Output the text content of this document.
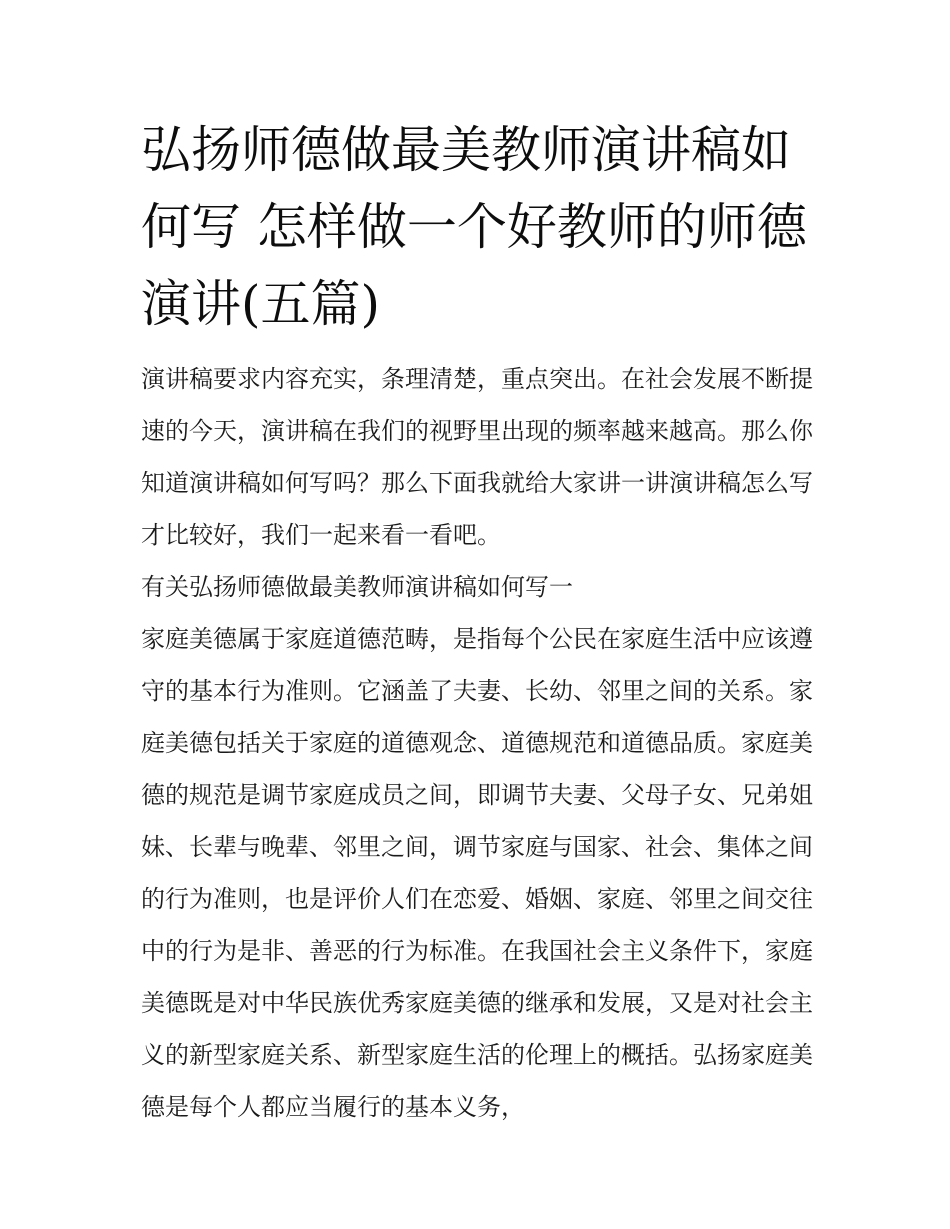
弘扬师德做最美教师演讲稿如何写 怎样做一个好教师的师德演讲(五篇)

演讲稿要求内容充实，条理清楚，重点突出。在社会发展不断提速的今天，演讲稿在我们的视野里出现的频率越来越高。那么你知道演讲稿如何写吗？那么下面我就给大家讲一讲演讲稿怎么写才比较好，我们一起来看一看吧。

有关弘扬师德做最美教师演讲稿如何写一

家庭美德属于家庭道德范畴，是指每个公民在家庭生活中应该遵守的基本行为准则。它涵盖了夫妻、长幼、邻里之间的关系。家庭美德包括关于家庭的道德观念、道德规范和道德品质。家庭美德的规范是调节家庭成员之间，即调节夫妻、父母子女、兄弟姐妹、长辈与晚辈、邻里之间，调节家庭与国家、社会、集体之间的行为准则，也是评价人们在恋爱、婚姻、家庭、邻里之间交往中的行为是非、善恶的行为标准。在我国社会主义条件下，家庭美德既是对中华民族优秀家庭美德的继承和发展，又是对社会主义的新型家庭关系、新型家庭生活的伦理上的概括。弘扬家庭美德是每个人都应当履行的基本义务，
